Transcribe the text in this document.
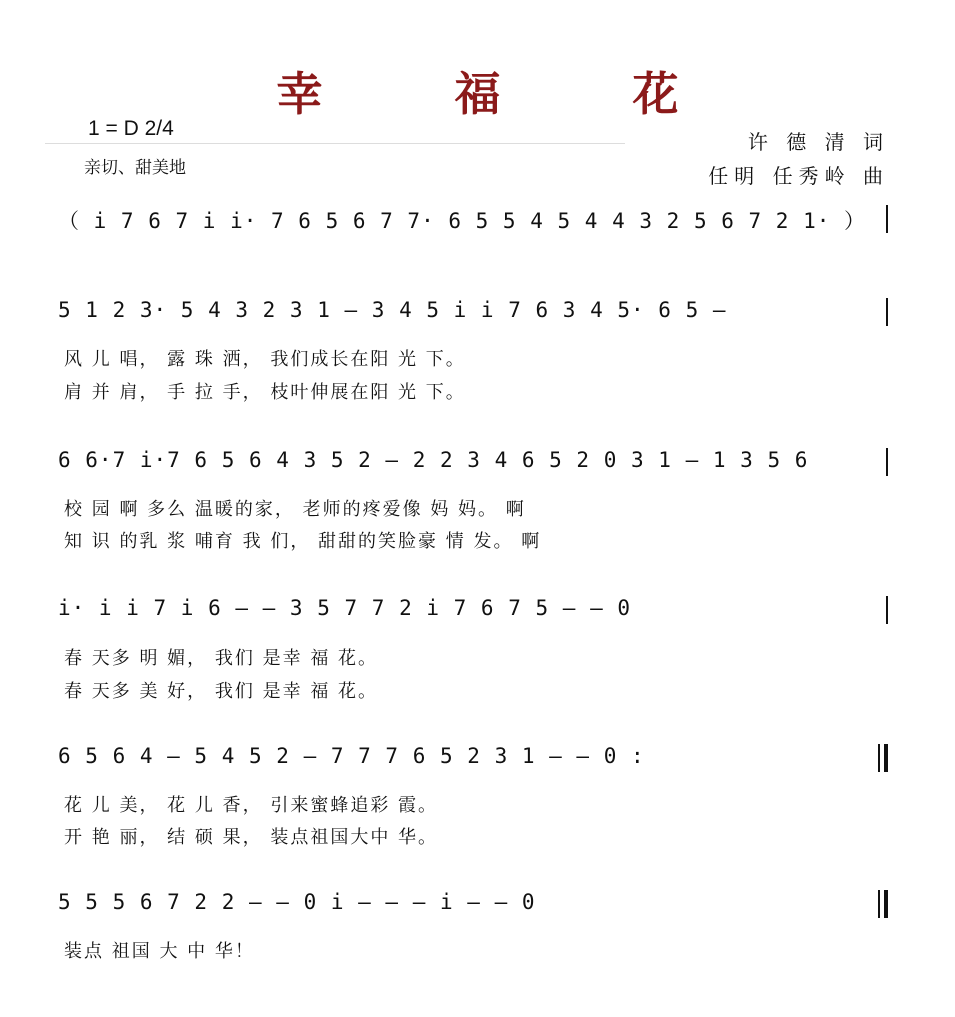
幸 福 花
1 = D 2/4
亲切、甜美地
许 德 清 词
任明 任秀岭 曲
（ i 7 6 7 i i· 7 6 5 6 7 7· 6 5 5 4 5 4 4 3 2 5 6 7 2 1· ）
5 1 2 3· 5 4 3 2 3 1 – 3 4 5 i i 7 6 3 4 5· 6 5 –
风 儿 唱， 露 珠 洒， 我们成长在阳 光 下。
肩 并 肩， 手 拉 手， 枝叶伸展在阳 光 下。
6 6·7 i·7 6 5 6 4 3 5 2 – 2 2 3 4 6 5 2 0 3 1 – 1 3 5 6
校 园 啊 多么 温暖的家， 老师的疼爱像 妈 妈。 啊
知 识 的乳 浆 哺育 我 们， 甜甜的笑脸豪 情 发。 啊
i· i i 7 i 6 – – 3 5 7 7 2 i 7 6 7 5 – – 0
春 天多 明 媚， 我们 是幸 福 花。
春 天多 美 好， 我们 是幸 福 花。
6 5 6 4 – 5 4 5 2 – 7 7 7 6 5 2 3 1 – – 0 :
花 儿 美， 花 儿 香， 引来蜜蜂追彩 霞。
开 艳 丽， 结 硕 果， 装点祖国大中 华。
5 5 5 6 7 2 2 – – 0 i – – – i – – 0
装点 祖国 大 中 华！
